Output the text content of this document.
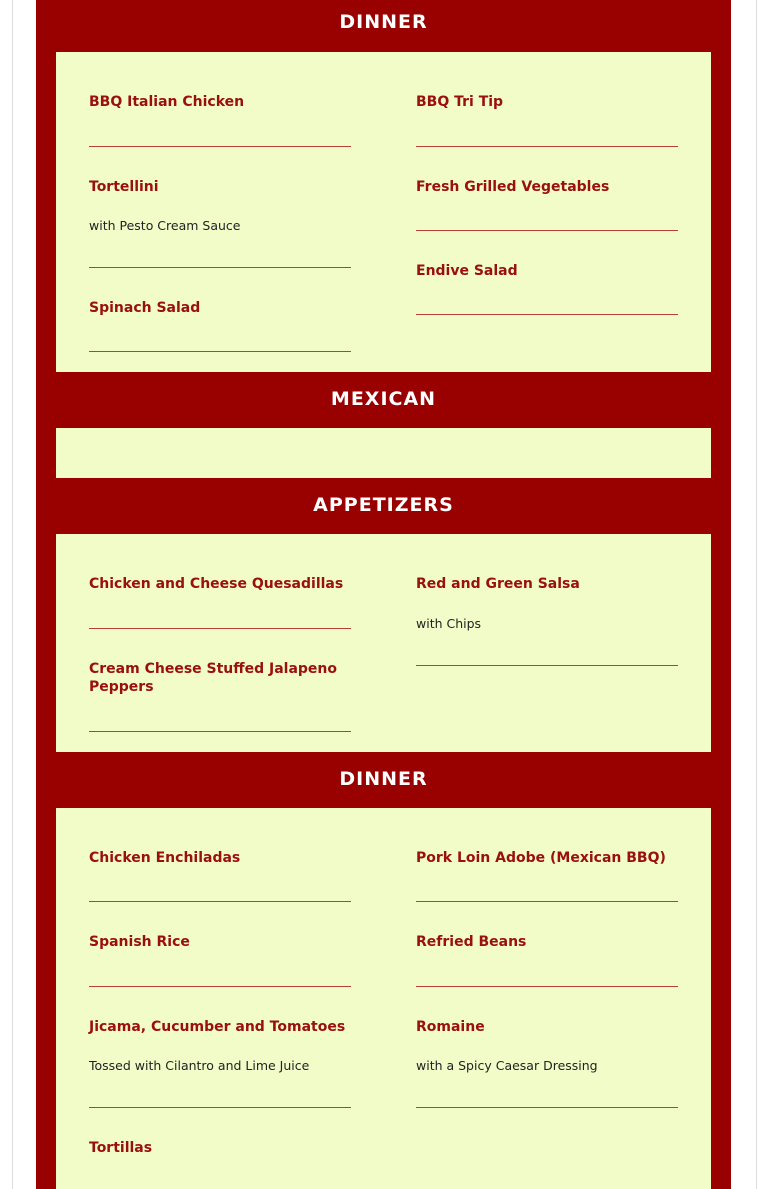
DINNER
BBQ Italian Chicken	BBQ Tri Tip
Tortellini
with Pesto Cream Sauce
Fresh Grilled Vegetables
Endive Salad
Spinach Salad
MEXICAN
APPETIZERS
Chicken and Cheese Quesadillas	Red and Green Salsa
with Chips
Cream Cheese Stuffed Jalapeno Peppers
DINNER
Chicken Enchiladas	Pork Loin Adobe (Mexican BBQ)
Spanish Rice	Refried Beans
Jicama, Cucumber and Tomatoes
Tossed with Cilantro and Lime Juice
Romaine
with a Spicy Caesar Dressing
Tortillas
